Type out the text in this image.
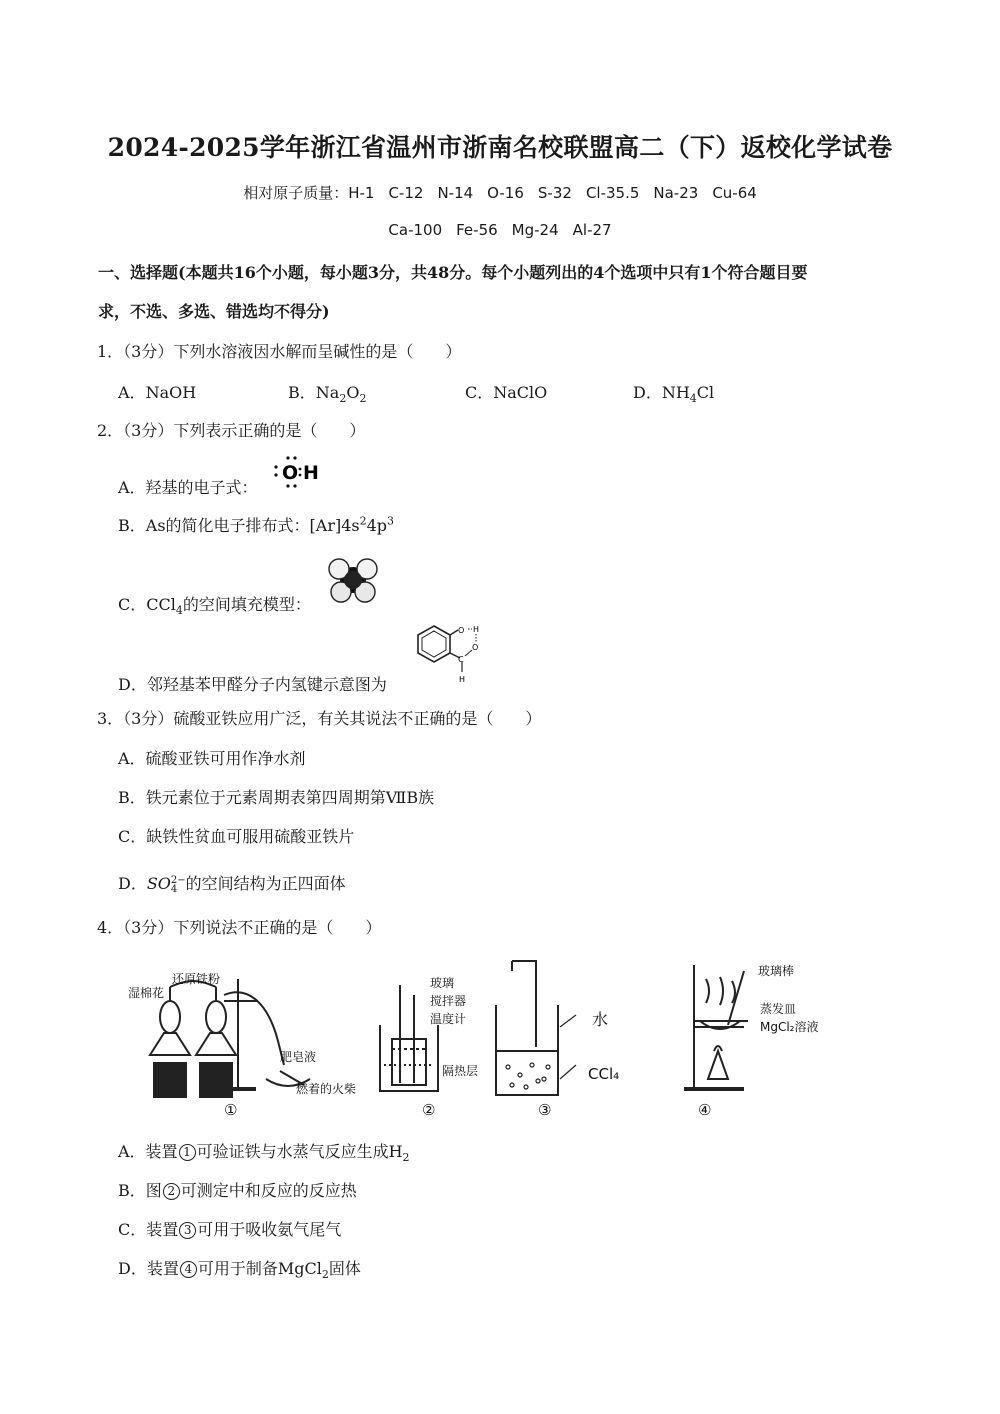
2024-2025学年浙江省温州市浙南名校联盟高二（下）返校化学试卷
相对原子质量：H-1 C-12 N-14 O-16 S-32 Cl-35.5 Na-23 Cu-64
Ca-100 Fe-56 Mg-24 Al-27
一、选择题(本题共16个小题，每小题3分，共48分。每个小题列出的4个选项中只有1个符合题目要
求，不选、多选、错选均不得分)
1．（3分）下列水溶液因水解而呈碱性的是（　　）
A．NaOH	B．$Na_2O_2$	C．NaClO	D．$NH_4Cl$
2．（3分）下列表示正确的是（　　）
A．羟基的电子式：
O H
B．As的简化电子排布式：$[Ar]4s^24p^3$
C．CCl$_4$的空间填充模型：
D．邻羟基苯甲醛分子内氢键示意图为
O H
C
O
H
3．（3分）硫酸亚铁应用广泛，有关其说法不正确的是（　　）
A．硫酸亚铁可用作净水剂
B．铁元素位于元素周期表第四周期第ⅦB族
C．缺铁性贫血可服用硫酸亚铁片
D．SO 2−
4 的空间结构为正四面体
4．（3分）下列说法不正确的是（　　）
湿棉花
还原铁粉
肥皂液
燃着的火柴
玻璃
搅拌器
温度计
隔热层
水
CCl₄
玻璃棒
蒸发皿
MgCl₂溶液
①	②	③	④
A．装置 1 可验证铁与水蒸气反应生成$H_2$
B．图 2 可测定中和反应的反应热
C．装置 3 可用于吸收氨气尾气
D．装置 4 可用于制备MgCl$_2$固体
